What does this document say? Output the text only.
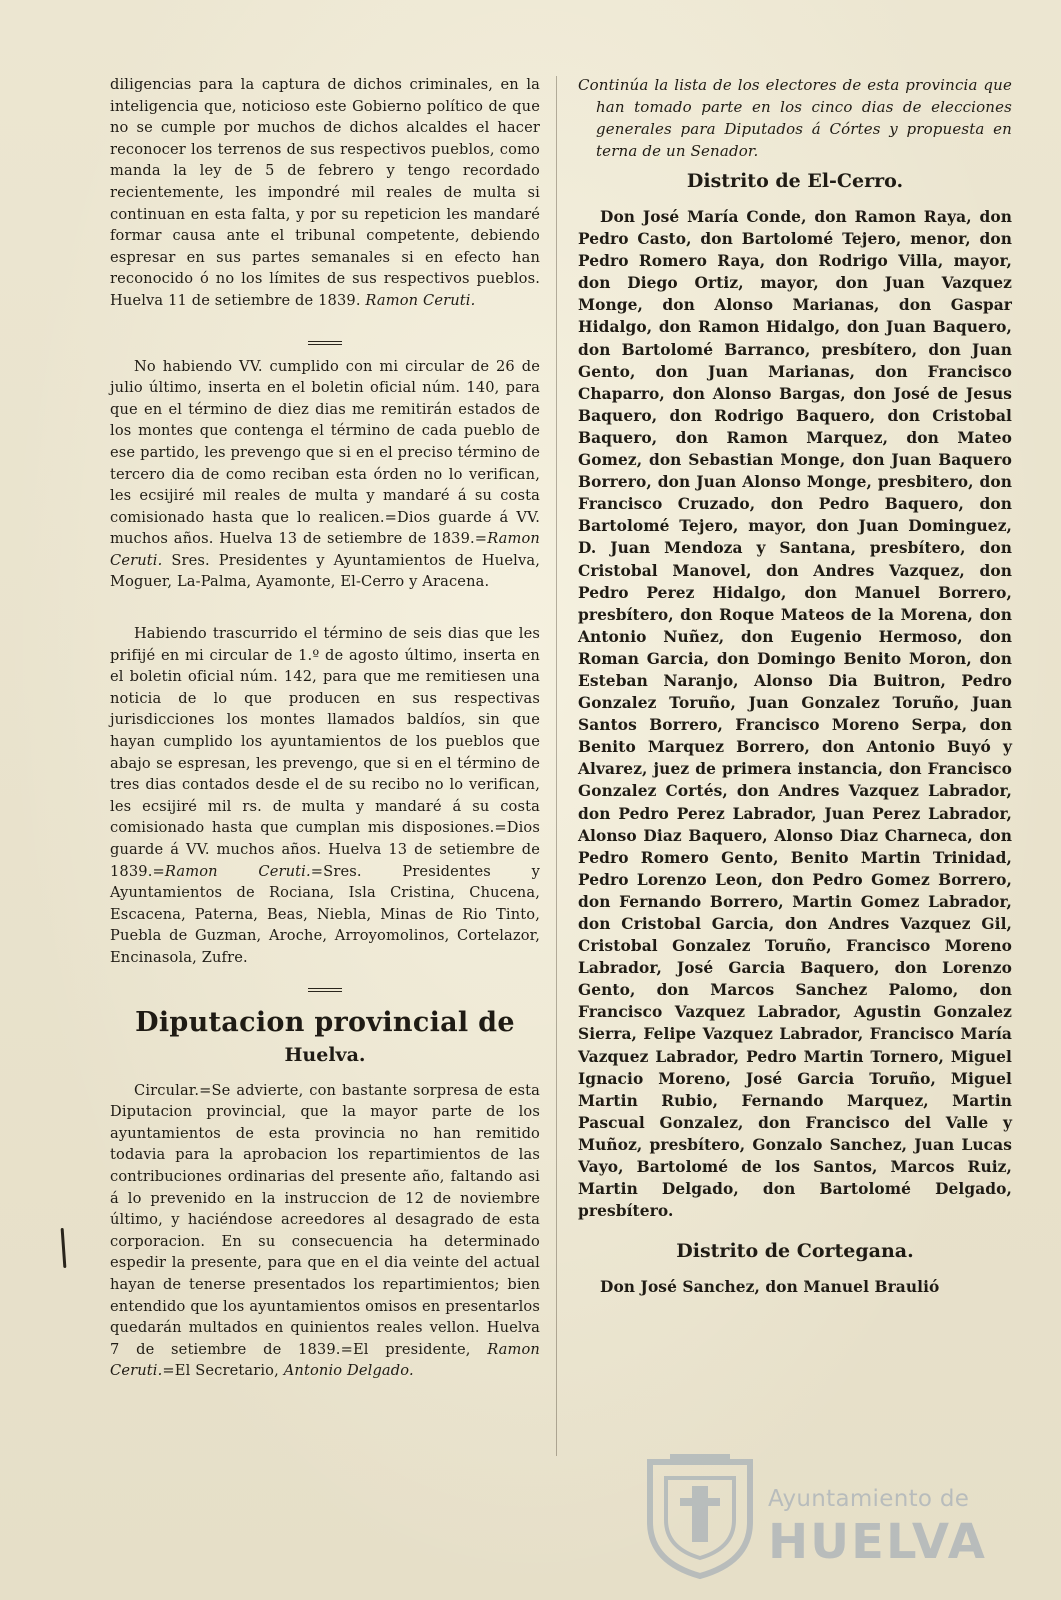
diligencias para la captura de dichos criminales, en la inteligencia que, noticioso este Gobierno político de que no se cumple por muchos de dichos alcaldes el hacer reconocer los terrenos de sus respectivos pueblos, como manda la ley de 5 de febrero y tengo recordado recientemente, les impondré mil reales de multa si continuan en esta falta, y por su repeticion les mandaré formar causa ante el tribunal competente, debiendo espresar en sus partes semanales si en efecto han reconocido ó no los límites de sus respectivos pueblos. Huelva 11 de setiembre de 1839. Ramon Ceruti.

No habiendo VV. cumplido con mi circular de 26 de julio último, inserta en el boletin oficial núm. 140, para que en el término de diez dias me remitirán estados de los montes que contenga el término de cada pueblo de ese partido, les prevengo que si en el preciso término de tercero dia de como reciban esta órden no lo verifican, les ecsijiré mil reales de multa y mandaré á su costa comisionado hasta que lo realicen.=Dios guarde á VV. muchos años. Huelva 13 de setiembre de 1839.=Ramon Ceruti. Sres. Presidentes y Ayuntamientos de Huelva, Moguer, La-Palma, Ayamonte, El-Cerro y Aracena.

Habiendo trascurrido el término de seis dias que les prifijé en mi circular de 1.º de agosto último, inserta en el boletin oficial núm. 142, para que me remitiesen una noticia de lo que producen en sus respectivas jurisdicciones los montes llamados baldíos, sin que hayan cumplido los ayuntamientos de los pueblos que abajo se espresan, les prevengo, que si en el término de tres dias contados desde el de su recibo no lo verifican, les ecsijiré mil rs. de multa y mandaré á su costa comisionado hasta que cumplan mis disposiones.=Dios guarde á VV. muchos años. Huelva 13 de setiembre de 1839.=Ramon Ceruti.=Sres. Presidentes y Ayuntamientos de Rociana, Isla Cristina, Chucena, Escacena, Paterna, Beas, Niebla, Minas de Rio Tinto, Puebla de Guzman, Aroche, Arroyomolinos, Cortelazor, Encinasola, Zufre.

Diputacion provincial de
Huelva.

Circular.=Se advierte, con bastante sorpresa de esta Diputacion provincial, que la mayor parte de los ayuntamientos de esta provincia no han remitido todavia para la aprobacion los repartimientos de las contribuciones ordinarias del presente año, faltando asi á lo prevenido en la instruccion de 12 de noviembre último, y haciéndose acreedores al desagrado de esta corporacion. En su consecuencia ha determinado espedir la presente, para que en el dia veinte del actual hayan de tenerse presentados los repartimientos; bien entendido que los ayuntamientos omisos en presentarlos quedarán multados en quinientos reales vellon. Huelva 7 de setiembre de 1839.=El presidente, Ramon Ceruti.=El Secretario, Antonio Delgado.

Continúa la lista de los electores de esta provincia que han tomado parte en los cinco dias de elecciones generales para Diputados á Córtes y propuesta en terna de un Senador.

Distrito de El-Cerro.

Don José María Conde, don Ramon Raya, don Pedro Casto, don Bartolomé Tejero, menor, don Pedro Romero Raya, don Rodrigo Villa, mayor, don Diego Ortiz, mayor, don Juan Vazquez Monge, don Alonso Marianas, don Gaspar Hidalgo, don Ramon Hidalgo, don Juan Baquero, don Bartolomé Barranco, presbítero, don Juan Gento, don Juan Marianas, don Francisco Chaparro, don Alonso Bargas, don José de Jesus Baquero, don Rodrigo Baquero, don Cristobal Baquero, don Ramon Marquez, don Mateo Gomez, don Sebastian Monge, don Juan Baquero Borrero, don Juan Alonso Monge, presbitero, don Francisco Cruzado, don Pedro Baquero, don Bartolomé Tejero, mayor, don Juan Dominguez, D. Juan Mendoza y Santana, presbítero, don Cristobal Manovel, don Andres Vazquez, don Pedro Perez Hidalgo, don Manuel Borrero, presbítero, don Roque Mateos de la Morena, don Antonio Nuñez, don Eugenio Hermoso, don Roman Garcia, don Domingo Benito Moron, don Esteban Naranjo, Alonso Dia Buitron, Pedro Gonzalez Toruño, Juan Gonzalez Toruño, Juan Santos Borrero, Francisco Moreno Serpa, don Benito Marquez Borrero, don Antonio Buyó y Alvarez, juez de primera instancia, don Francisco Gonzalez Cortés, don Andres Vazquez Labrador, don Pedro Perez Labrador, Juan Perez Labrador, Alonso Diaz Baquero, Alonso Diaz Charneca, don Pedro Romero Gento, Benito Martin Trinidad, Pedro Lorenzo Leon, don Pedro Gomez Borrero, don Fernando Borrero, Martin Gomez Labrador, don Cristobal Garcia, don Andres Vazquez Gil, Cristobal Gonzalez Toruño, Francisco Moreno Labrador, José Garcia Baquero, don Lorenzo Gento, don Marcos Sanchez Palomo, don Francisco Vazquez Labrador, Agustin Gonzalez Sierra, Felipe Vazquez Labrador, Francisco María Vazquez Labrador, Pedro Martin Tornero, Miguel Ignacio Moreno, José Garcia Toruño, Miguel Martin Rubio, Fernando Marquez, Martin Pascual Gonzalez, don Francisco del Valle y Muñoz, presbítero, Gonzalo Sanchez, Juan Lucas Vayo, Bartolomé de los Santos, Marcos Ruiz, Martin Delgado, don Bartolomé Delgado, presbítero.

Distrito de Cortegana.

Don José Sanchez, don Manuel Braulió

Ayuntamiento de
HUELVA
